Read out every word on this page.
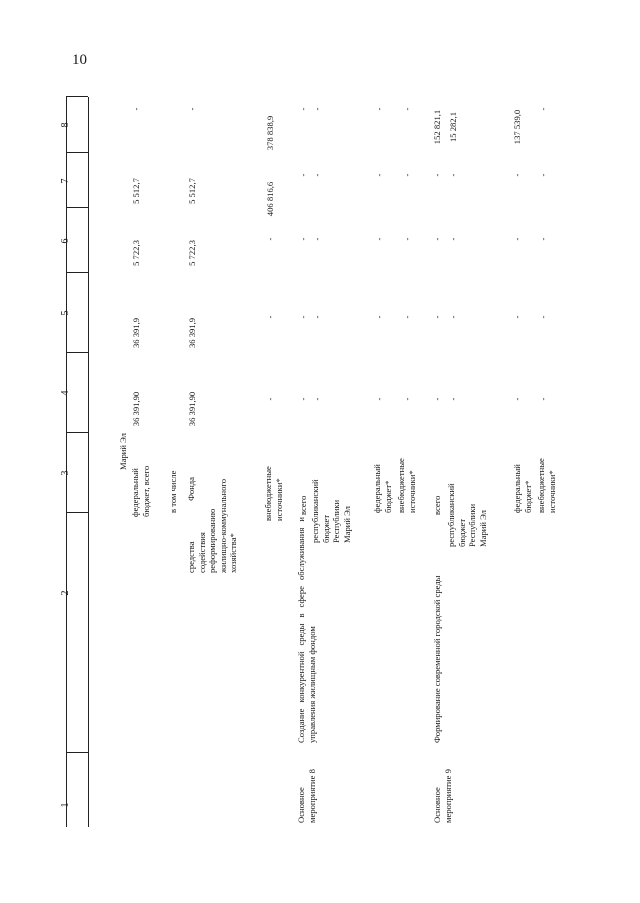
10
1
2
3
4
5
6
7
8
Марий Эл
федеральный бюджет, всего
36 391,90
36 391,9
5 722,3
5 512,7
-
в том числе средства Фонда содействия реформированию жилищно-коммунального хозяйства*
36 391,90
36 391,9
5 722,3
5 512,7
-
внебюджетные источники*
-
-
-
406 816,6
378 838,9
Основное мероприятие 8
Создание конкурентной среды в сфере обслуживания и управления жилищным фондом
всего
-
-
-
-
-
республиканский бюджет Республики Марий Эл
-
-
-
-
-
федеральный бюджет*
-
-
-
-
-
внебюджетные источники*
-
-
-
-
-
Основное мероприятие 9
Формирование современной городской среды
всего
-
-
-
-
152 821,1
республиканский бюджет Республики Марий Эл
-
-
-
-
15 282,1
федеральный бюджет*
-
-
-
-
137 539,0
внебюджетные источники*
-
-
-
-
-
